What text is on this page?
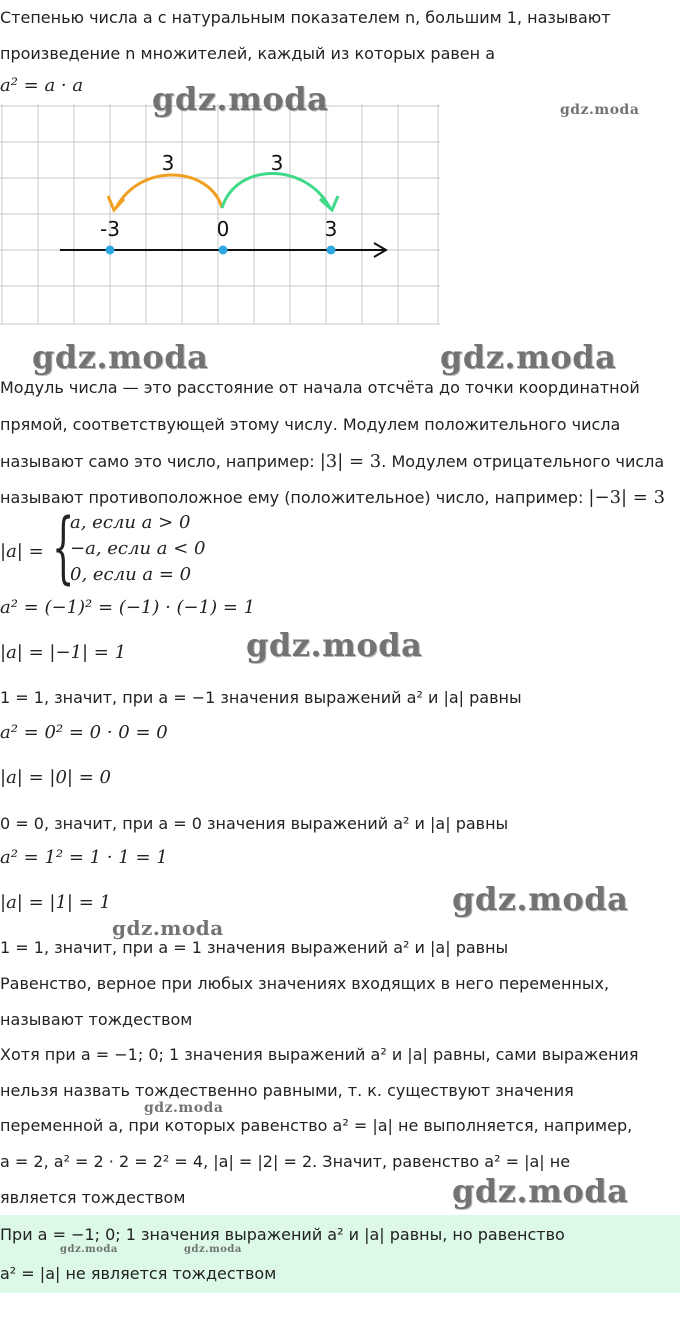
Степенью числа a с натуральным показателем n, большим 1, называют
произведение n множителей, каждый из которых равен a
a² = a · a
3	3
-3	0	3
Модуль числа — это расстояние от начала отсчёта до точки координатной
прямой, соответствующей этому числу. Модулем положительного числа
называют само это число, например: |3| = 3. Модулем отрицательного числа
называют противоположное ему (положительное) число, например: |−3| = 3
|a| = {
a, если a > 0
−a, если a < 0
0, если a = 0
a² = (−1)² = (−1) · (−1) = 1
|a| = |−1| = 1
1 = 1, значит, при a = −1 значения выражений a² и |a| равны
a² = 0² = 0 · 0 = 0
|a| = |0| = 0
0 = 0, значит, при a = 0 значения выражений a² и |a| равны
a² = 1² = 1 · 1 = 1
|a| = |1| = 1
1 = 1, значит, при a = 1 значения выражений a² и |a| равны
Равенство, верное при любых значениях входящих в него переменных,
называют тождеством
Хотя при a = −1; 0; 1 значения выражений a² и |a| равны, сами выражения
нельзя назвать тождественно равными, т. к. существуют значения
переменной a, при которых равенство a² = |a| не выполняется, например,
a = 2, a² = 2 · 2 = 2² = 4, |a| = |2| = 2. Значит, равенство a² = |a| не
является тождеством
При a = −1; 0; 1 значения выражений a² и |a| равны, но равенство
a² = |a| не является тождеством
gdz.moda	gdz.moda
gdz.moda	gdz.moda
gdz.moda
gdz.moda
gdz.moda
gdz.moda
gdz.moda
gdz.moda	gdz.moda
